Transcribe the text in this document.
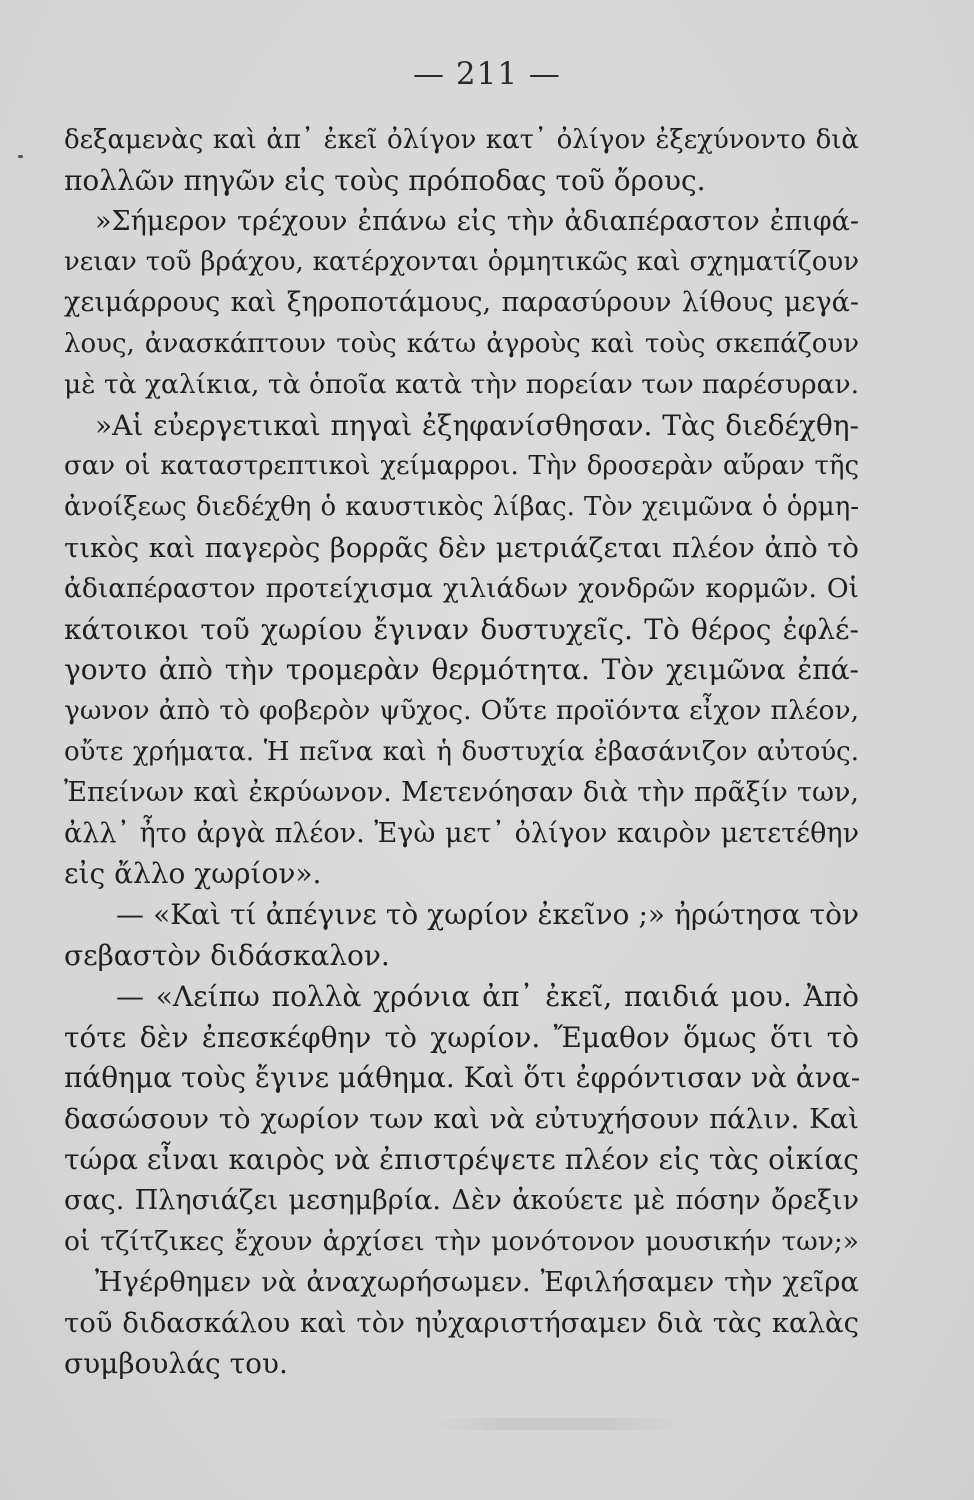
— 211 —
δεξαμενὰς καὶ ἀπ᾽ ἐκεῖ ὀλίγον κατ᾽ ὀλίγον ἐξεχύνοντο διὰ
πολλῶν πηγῶν εἰς τοὺς πρόποδας τοῦ ὄρους.
»Σήμερον τρέχουν ἐπάνω εἰς τὴν ἀδιαπέραστον ἐπιφά-
νειαν τοῦ βράχου, κατέρχονται ὁρμητικῶς καὶ σχηματίζουν
χειμάρρους καὶ ξηροποτάμους, παρασύρουν λίθους μεγά-
λους, ἀνασκάπτουν τοὺς κάτω ἀγροὺς καὶ τοὺς σκεπάζουν
μὲ τὰ χαλίκια, τὰ ὁποῖα κατὰ τὴν πορείαν των παρέσυραν.
»Αἱ εὐεργετικαὶ πηγαὶ ἐξηφανίσθησαν. Τὰς διεδέχθη-
σαν οἱ καταστρεπτικοὶ χείμαρροι. Τὴν δροσερὰν αὔραν τῆς
ἀνοίξεως διεδέχθη ὁ καυστικὸς λίβας. Τὸν χειμῶνα ὁ ὁρμη-
τικὸς καὶ παγερὸς βορρᾶς δὲν μετριάζεται πλέον ἀπὸ τὸ
ἀδιαπέραστον προτείχισμα χιλιάδων χονδρῶν κορμῶν. Οἱ
κάτοικοι τοῦ χωρίου ἔγιναν δυστυχεῖς. Τὸ θέρος ἐφλέ-
γοντο ἀπὸ τὴν τρομερὰν θερμότητα. Τὸν χειμῶνα ἐπά-
γωνον ἀπὸ τὸ φοβερὸν ψῦχος. Οὔτε προϊόντα εἶχον πλέον,
οὔτε χρήματα. Ἡ πεῖνα καὶ ἡ δυστυχία ἐβασάνιζον αὐτούς.
Ἐπείνων καὶ ἐκρύωνον. Μετενόησαν διὰ τὴν πρᾶξίν των,
ἀλλ᾽ ἦτο ἀργὰ πλέον. Ἐγὼ μετ᾽ ὀλίγον καιρὸν μετετέθην
εἰς ἄλλο χωρίον».
— «Καὶ τί ἀπέγινε τὸ χωρίον ἐκεῖνο ;» ἠρώτησα τὸν
σεβαστὸν διδάσκαλον.
— «Λείπω πολλὰ χρόνια ἀπ᾽ ἐκεῖ, παιδιά μου. Ἀπὸ
τότε δὲν ἐπεσκέφθην τὸ χωρίον. Ἔμαθον ὅμως ὅτι τὸ
πάθημα τοὺς ἔγινε μάθημα. Καὶ ὅτι ἐφρόντισαν νὰ ἀνα-
δασώσουν τὸ χωρίον των καὶ νὰ εὐτυχήσουν πάλιν. Καὶ
τώρα εἶναι καιρὸς νὰ ἐπιστρέψετε πλέον εἰς τὰς οἰκίας
σας. Πλησιάζει μεσημβρία. Δὲν ἀκούετε μὲ πόσην ὄρεξιν
οἱ τζίτζικες ἔχουν ἀρχίσει τὴν μονότονον μουσικήν των;»
Ἠγέρθημεν νὰ ἀναχωρήσωμεν. Ἐφιλήσαμεν τὴν χεῖρα
τοῦ διδασκάλου καὶ τὸν ηὐχαριστήσαμεν διὰ τὰς καλὰς
συμβουλάς του.
